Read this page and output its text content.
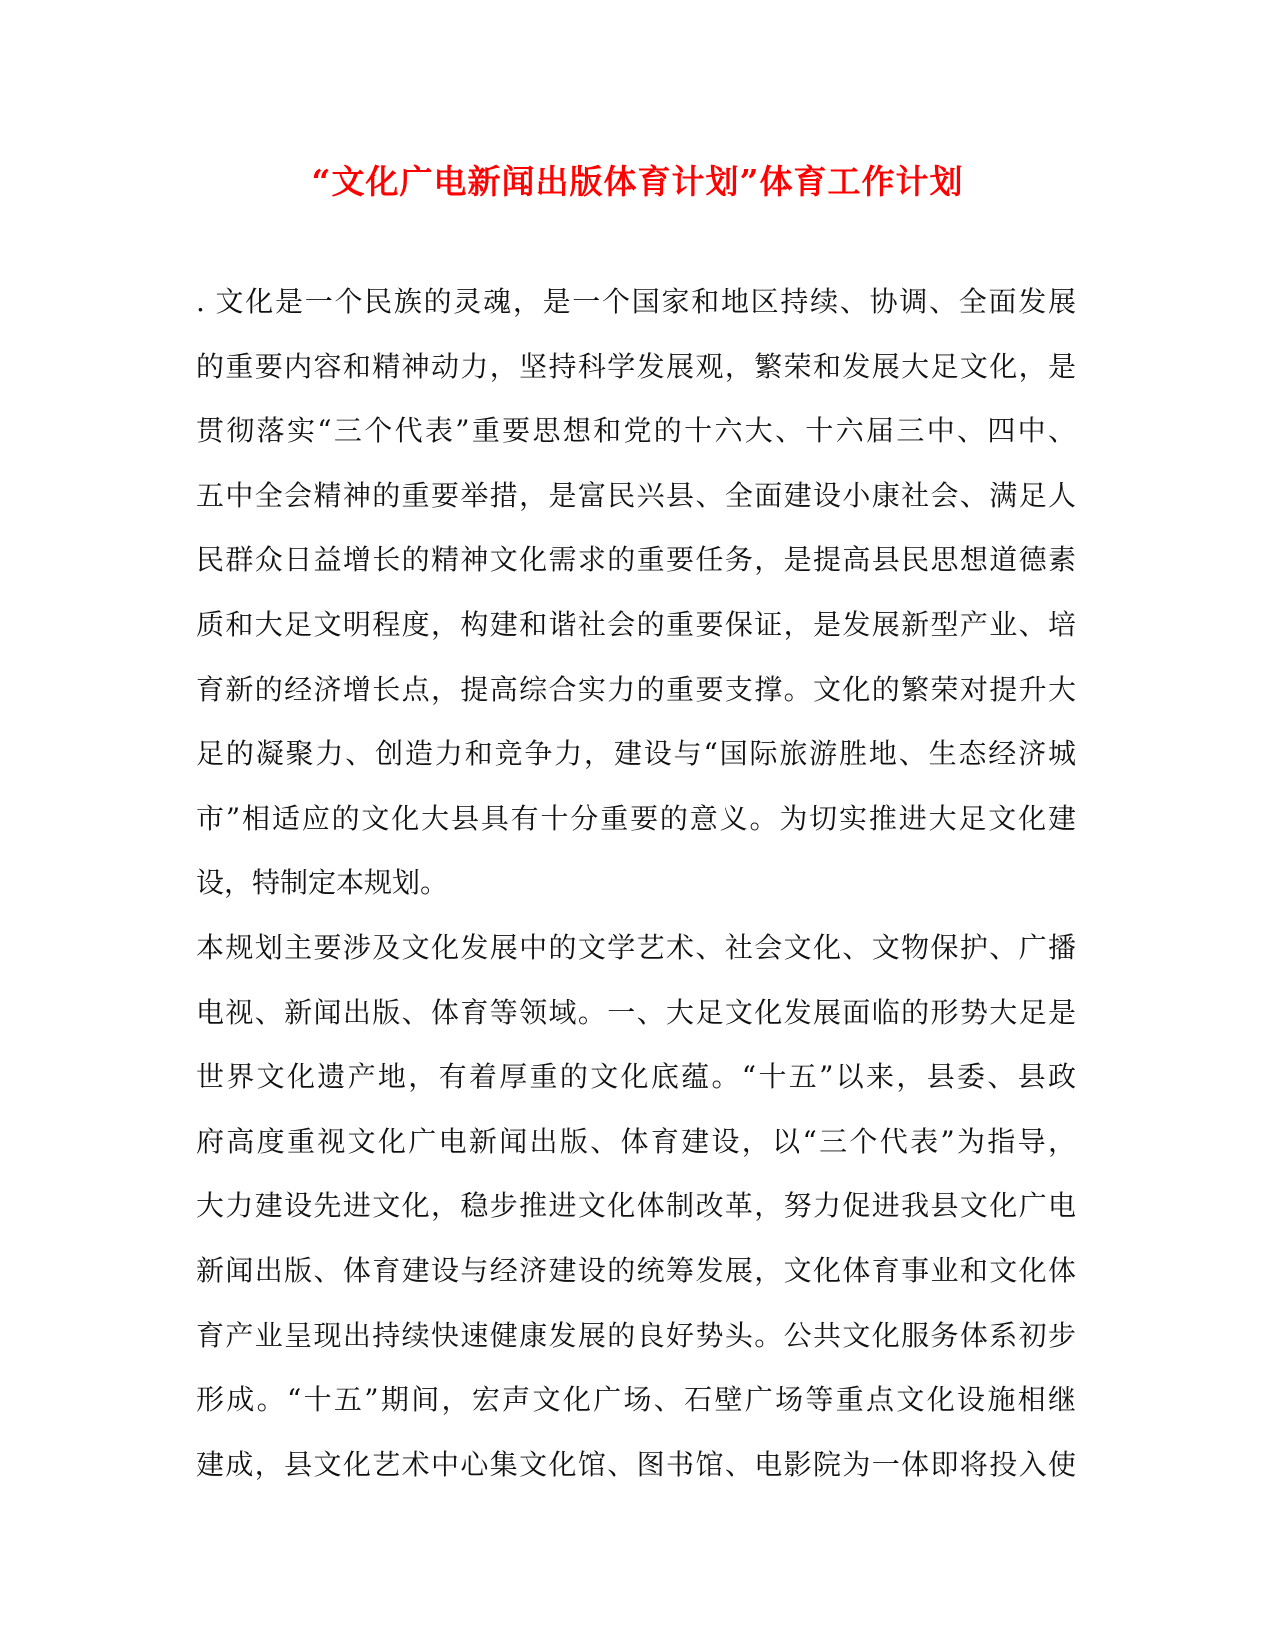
“文化广电新闻出版体育计划”体育工作计划
. 文化是一个民族的灵魂，是一个国家和地区持续、协调、全面发展
的重要内容和精神动力，坚持科学发展观，繁荣和发展大足文化，是
贯彻落实“三个代表”重要思想和党的十六大、十六届三中、四中、
五中全会精神的重要举措，是富民兴县、全面建设小康社会、满足人
民群众日益增长的精神文化需求的重要任务，是提高县民思想道德素
质和大足文明程度，构建和谐社会的重要保证，是发展新型产业、培
育新的经济增长点，提高综合实力的重要支撑。文化的繁荣对提升大
足的凝聚力、创造力和竞争力，建设与“国际旅游胜地、生态经济城
市”相适应的文化大县具有十分重要的意义。为切实推进大足文化建
设，特制定本规划。
本规划主要涉及文化发展中的文学艺术、社会文化、文物保护、广播
电视、新闻出版、体育等领域。一、大足文化发展面临的形势大足是
世界文化遗产地，有着厚重的文化底蕴。“十五”以来，县委、县政
府高度重视文化广电新闻出版、体育建设，以“三个代表”为指导，
大力建设先进文化，稳步推进文化体制改革，努力促进我县文化广电
新闻出版、体育建设与经济建设的统筹发展，文化体育事业和文化体
育产业呈现出持续快速健康发展的良好势头。公共文化服务体系初步
形成。“十五”期间，宏声文化广场、石壁广场等重点文化设施相继
建成，县文化艺术中心集文化馆、图书馆、电影院为一体即将投入使
